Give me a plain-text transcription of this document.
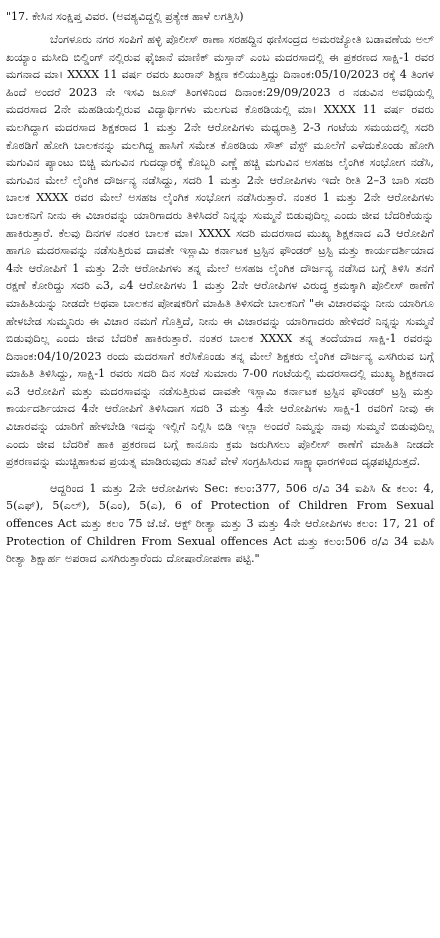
"17. ಕೇಸಿನ ಸಂಕ್ಷಿಪ್ತ ವಿವರ. (ಅವಶ್ಯವಿದ್ದಲ್ಲಿ ಪ್ರತ್ಯೇಕ ಹಾಳೆ ಲಗತ್ತಿಸಿ)

ಬೆಂಗಳೂರು ನಗರ ಸಂಪಿಗೆ ಹಳ್ಳಿ ಪೊಲೀಸ್ ಠಾಣಾ ಸರಹದ್ದಿನ ಥಣಿಸಂದ್ರದ ಅಮರಜ್ಯೋತಿ ಬಡಾವಣೆಯ ಅಲ್ ಖಯ್ಯಾಂ ಮಸೀದಿ ಬಿಲ್ಡಿಂಗ್ ನಲ್ಲಿರುವ ಫೈಜಾನೆ ಮಾಣಿಕ್ ಮಸ್ತಾನ್ ಎಂಬ ಮದರಸಾದಲ್ಲಿ ಈ ಪ್ರಕರಣದ ಸಾಕ್ಷಿ-1 ರವರ ಮಗನಾದ ಮಾ। XXXX 11 ವರ್ಷ ರವರು ಖುರಾನ್ ಶಿಕ್ಷಣ ಕಲಿಯುತ್ತಿದ್ದು ದಿನಾಂಕ:05/10/2023 ರಕ್ಕೆ 4 ತಿಂಗಳ ಹಿಂದೆ ಅಂದರೆ 2023 ನೇ ಇಸವಿ ಜೂನ್ ತಿಂಗಳಿನಿಂದ ದಿನಾಂಕ:29/09/2023 ರ ನಡುವಿನ ಅವಧಿಯಲ್ಲಿ ಮದರಸಾದ 2ನೇ ಮಹಡಿಯಲ್ಲಿರುವ ವಿದ್ಯಾರ್ಥಿಗಳು ಮಲಗುವ ಕೊಠಡಿಯಲ್ಲಿ ಮಾ। XXXX 11 ವರ್ಷ ರವರು ಮಲಗಿದ್ದಾಗ ಮದರಸಾದ ಶಿಕ್ಷಕರಾದ 1 ಮತ್ತು 2ನೇ ಆರೋಪಿಗಳು ಮಧ್ಯರಾತ್ರಿ 2-3 ಗಂಟೆಯ ಸಮಯದಲ್ಲಿ ಸದರಿ ಕೊಠಡಿಗೆ ಹೋಗಿ ಬಾಲಕನನ್ನು ಮಲಗಿದ್ದ ಹಾಸಿಗೆ ಸಮೇತ ಕೊಠಡಿಯ ಸೌತ್ ವೆಸ್ಟ್ ಮೂಲೆಗೆ ಎಳೆದುಕೊಂಡು ಹೋಗಿ ಮಗುವಿನ ಪ್ಯಾಂಟು ಬಿಚ್ಚಿ ಮಗುವಿನ ಗುದದ್ವಾರಕ್ಕೆ ಕೊಬ್ಬರಿ ಎಣ್ಣೆ ಹಚ್ಚಿ ಮಗುವಿನ ಅಸಹಜ ಲೈಂಗಿಕ ಸಂಭೋಗ ನಡೆಸಿ, ಮಗುವಿನ ಮೇಲೆ ಲೈಂಗಿಕ ದೌರ್ಜನ್ಯ ನಡೆಸಿದ್ದು, ಸದರಿ 1 ಮತ್ತು 2ನೇ ಆರೋಪಿಗಳು ಇದೇ ರೀತಿ 2–3 ಬಾರಿ ಸದರಿ ಬಾಲಕ XXXX ರವರ ಮೇಲೆ ಅಸಹಜ ಲೈಂಗಿಕ ಸಂಭೋಗ ನಡೆಸಿರುತ್ತಾರೆ. ನಂತರ 1 ಮತ್ತು 2ನೇ ಆರೋಪಿಗಳು ಬಾಲಕನಿಗೆ ನೀನು ಈ ವಿಚಾರವನ್ನು ಯಾರಿಗಾದರು ತಿಳಿಸಿದರೆ ನಿನ್ನನ್ನು ಸುಮ್ಮನೆ ಬಿಡುವುದಿಲ್ಲ ಎಂದು ಜೀವ ಬೆದರಿಕೆಯನ್ನು ಹಾಕಿರುತ್ತಾರೆ. ಕೆಲವು ದಿನಗಳ ನಂತರ ಬಾಲಕ ಮಾ। XXXX ಸದರಿ ಮದರಸಾದ ಮುಖ್ಯ ಶಿಕ್ಷಕನಾದ ಎ3 ಆರೋಪಿಗೆ ಹಾಗೂ ಮದರಸಾವನ್ನು ನಡೆಸುತ್ತಿರುವ ದಾವತೇ ಇಸ್ಲಾಮಿ ಕರ್ನಾಟಕ ಟ್ರಸ್ಟಿನ ಫೌಂಡರ್ ಟ್ರಸ್ಟಿ ಮತ್ತು ಕಾರ್ಯದರ್ಶಿಯಾದ 4ನೇ ಆರೋಪಿಗೆ 1 ಮತ್ತು 2ನೇ ಆರೋಪಿಗಳು ತನ್ನ ಮೇಲೆ ಅಸಹಜ ಲೈಂಗಿಕ ದೌರ್ಜನ್ಯ ನಡೆಸಿದ ಬಗ್ಗೆ ತಿಳಿಸಿ ತನಗೆ ರಕ್ಷಣೆ ಕೋರಿದ್ದು ಸದರಿ ಎ3, ಎ4 ಆರೋಪಿಗಳು 1 ಮತ್ತು 2ನೇ ಆರೋಪಿಗಳ ವಿರುದ್ಧ ಕ್ರಮಕ್ಕಾಗಿ ಪೊಲೀಸ್ ಠಾಣೆಗೆ ಮಾಹಿತಿಯನ್ನು ನೀಡದೇ ಅಥವಾ ಬಾಲಕನ ಪೋಷಕರಿಗೆ ಮಾಹಿತಿ ತಿಳಿಸದೇ ಬಾಲಕನಿಗೆ "ಈ ವಿಚಾರವನ್ನು ನೀನು ಯಾರಿಗೂ ಹೇಳಬೇಡ ಸುಮ್ಮನಿರು ಈ ವಿಚಾರ ನಮಗೆ ಗೊತ್ತಿದೆ, ನೀನು ಈ ವಿಚಾರವನ್ನು ಯಾರಿಗಾದರು ಹೇಳಿದರೆ ನಿನ್ನನ್ನು ಸುಮ್ಮನೆ ಬಿಡುವುದಿಲ್ಲ ಎಂದು ಜೀವ ಬೆದರಿಕೆ ಹಾಕಿರುತ್ತಾರೆ. ನಂತರ ಬಾಲಕ XXXX ತನ್ನ ತಂದೆಯಾದ ಸಾಕ್ಷಿ-1 ರವರನ್ನು ದಿನಾಂಕ:04/10/2023 ರಂದು ಮದರಸಾಗೆ ಕರೆಸಿಕೊಂಡು ತನ್ನ ಮೇಲೆ ಶಿಕ್ಷಕರು ಲೈಂಗಿಕ ದೌರ್ಜನ್ಯ ಎಸಗಿರುವ ಬಗ್ಗೆ ಮಾಹಿತಿ ತಿಳಿಸಿದ್ದು, ಸಾಕ್ಷಿ-1 ರವರು ಸದರಿ ದಿನ ಸಂಜೆ ಸುಮಾರು 7-00 ಗಂಟೆಯಲ್ಲಿ ಮದರಸಾದಲ್ಲಿ ಮುಖ್ಯ ಶಿಕ್ಷಕನಾದ ಎ3 ಆರೋಪಿಗೆ ಮತ್ತು ಮದರಸಾವನ್ನು ನಡೆಸುತ್ತಿರುವ ದಾವತೇ ಇಸ್ಲಾಮಿ ಕರ್ನಾಟಕ ಟ್ರಸ್ಟಿನ ಫೌಂಡರ್ ಟ್ರಸ್ಟಿ ಮತ್ತು ಕಾರ್ಯದರ್ಶಿಯಾದ 4ನೇ ಆರೋಪಿಗೆ ತಿಳಿಸಿದಾಗ ಸದರಿ 3 ಮತ್ತು 4ನೇ ಆರೋಪಿಗಳು ಸಾಕ್ಷಿ-1 ರವರಿಗೆ ನೀವು ಈ ವಿಚಾರವನ್ನು ಯಾರಿಗೆ ಹೇಳಬೇಡಿ ಇದನ್ನು ಇಲ್ಲಿಗೆ ನಿಲ್ಲಿಸಿ ಬಿಡಿ ಇಲ್ಲಾ ಅಂದರೆ ನಿಮ್ಮನ್ನು ನಾವು ಸುಮ್ಮನೆ ಬಿಡುವುದಿಲ್ಲ ಎಂದು ಜೀವ ಬೆದರಿಕೆ ಹಾಕಿ ಪ್ರಕರಣದ ಬಗ್ಗೆ ಕಾನೂನು ಕ್ರಮ ಜರುಗಿಸಲು ಪೊಲೀಸ್ ಠಾಣೆಗೆ ಮಾಹಿತಿ ನೀಡದೇ ಪ್ರಕರಣವನ್ನು ಮುಚ್ಚಿಹಾಕುವ ಪ್ರಯತ್ನ ಮಾಡಿರುವುದು ತನಿಖೆ ವೇಳೆ ಸಂಗ್ರಹಿಸಿರುವ ಸಾಕ್ಷ್ಯಾಧಾರಗಳಿಂದ ದೃಢಪಟ್ಟಿರುತ್ತದೆ.

ಆದ್ದರಿಂದ 1 ಮತ್ತು 2ನೇ ಆರೋಪಿಗಳು Sec: ಕಲಂ:377, 506 ರ/ವಿ 34 ಐಪಿಸಿ & ಕಲಂ: 4, 5(ಎಫ್), 5(ಎಲ್), 5(ಎಂ), 5(ಎ), 6 of Protection of Children From Sexual offences Act ಮತ್ತು ಕಲಂ 75 ಜೆ.ಜೆ. ಆಕ್ಟ್ ರೀತ್ಯಾ ಮತ್ತು 3 ಮತ್ತು 4ನೇ ಆರೋಪಿಗಳು ಕಲಂ: 17, 21 of Protection of Children From Sexual offences Act ಮತ್ತು ಕಲಂ:506 ರ/ವಿ 34 ಐಪಿಸಿ ರೀತ್ಯಾ ಶಿಕ್ಷಾರ್ಹ ಅಪರಾದ ಎಸಗಿರುತ್ತಾರೆಂದು ದೋಷಾರೋಪಣಾ ಪಟ್ಟಿ."
